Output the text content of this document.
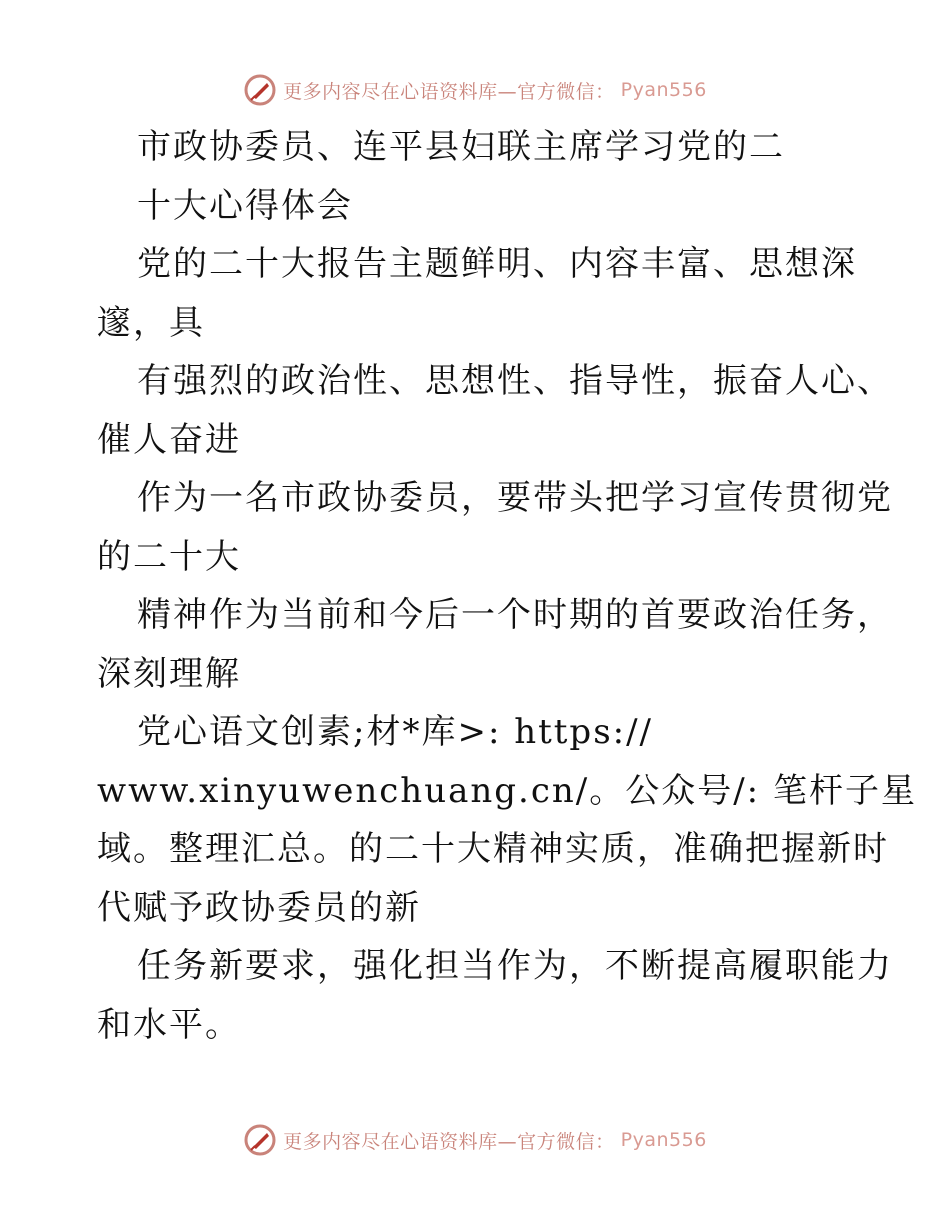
更多内容尽在心语资料库—官方微信： Pyan556
市政协委员、连平县妇联主席学习党的二
十大心得体会
党的二十大报告主题鲜明、内容丰富、思想深
邃，具
有强烈的政治性、思想性、指导性，振奋人心、
催人奋进
作为一名市政协委员，要带头把学习宣传贯彻党
的二十大
精神作为当前和今后一个时期的首要政治任务，
深刻理解
党心语文创素;材*库>: https://
www.xinyuwenchuang.cn/。公众号/: 笔杆子星
域。整理汇总。的二十大精神实质，准确把握新时
代赋予政协委员的新
任务新要求，强化担当作为，不断提高履职能力
和水平。
更多内容尽在心语资料库—官方微信： Pyan556
